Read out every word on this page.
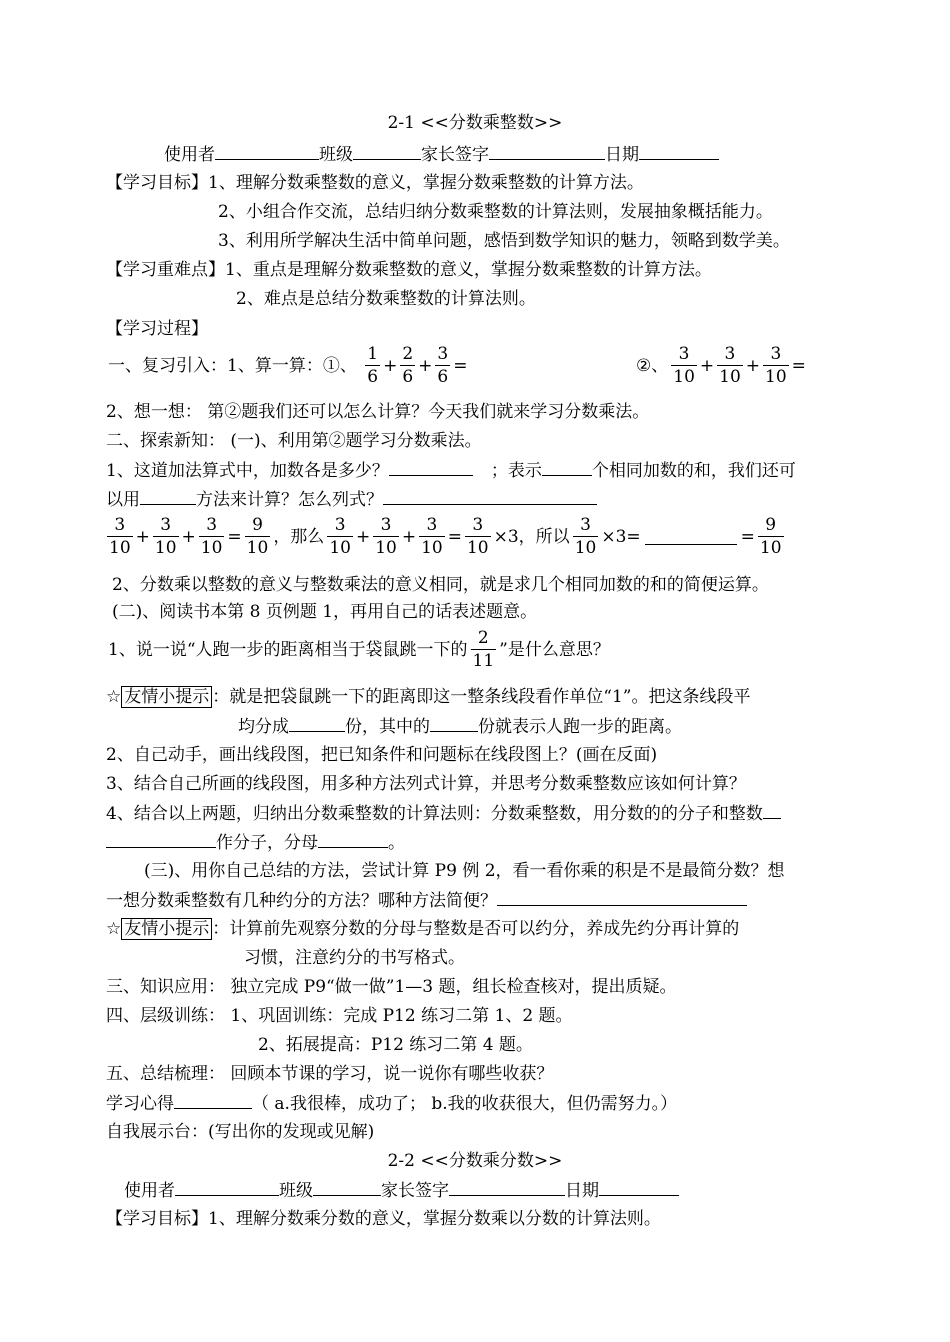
2-1 <<分数乘整数>>
使用者	班级	家长签字	日期
【学习目标】1、理解分数乘整数的意义，掌握分数乘整数的计算方法。
2、小组合作交流，总结归纳分数乘整数的计算法则，发展抽象概括能力。
3、利用所学解决生活中简单问题，感悟到数学知识的魅力，领略到数学美。
【学习重难点】1、重点是理解分数乘整数的意义，掌握分数乘整数的计算方法。
2、难点是总结分数乘整数的计算法则。
【学习过程】
一、复习引入：1、算一算：①、 $\frac{1}{6} + \frac{2}{6} + \frac{3}{6}$ =	②、 $\frac{3}{10} + \frac{3}{10} + \frac{3}{10}$ =
2、想一想： 第②题我们还可以怎么计算？今天我们就来学习分数乘法。
二、探索新知： (一)、利用第②题学习分数乘法。
1、这道加法算式中，加数各是多少？	；表示	个相同加数的和，我们还可
以用	方法来计算？怎么列式？
$\frac{3}{10} + \frac{3}{10} + \frac{3}{10} = \frac{9}{10}$ ，那么 $\frac{3}{10} + \frac{3}{10} + \frac{3}{10} = \frac{3}{10} \times 3$，所以 $\frac{3}{10} \times 3=$	= $\frac{9}{10}$
2、分数乘以整数的意义与整数乘法的意义相同，就是求几个相同加数的和的简便运算。
(二)、阅读书本第 8 页例题 1，再用自己的话表述题意。
1、说一说“人跑一步的距离相当于袋鼠跳一下的 $\frac{2}{11}$ ”是什么意思？
☆ 友情小提示 ：就是把袋鼠跳一下的距离即这一整条线段看作单位“1”。把这条线段平
均分成	份，其中的	份就表示人跑一步的距离。
2、自己动手，画出线段图，把已知条件和问题标在线段图上？(画在反面)
3、结合自己所画的线段图，用多种方法列式计算，并思考分数乘整数应该如何计算？
4、结合以上两题，归纳出分数乘整数的计算法则：分数乘整数，用分数的的分子和整数
作分子，分母	。
(三)、用你自己总结的方法，尝试计算 P9 例 2，看一看你乘的积是不是最简分数？想
一想分数乘整数有几种约分的方法？哪种方法简便？
☆ 友情小提示 ：计算前先观察分数的分母与整数是否可以约分，养成先约分再计算的
习惯，注意约分的书写格式。
三、知识应用： 独立完成 P9“做一做”1—3 题，组长检查核对，提出质疑。
四、层级训练： 1、巩固训练：完成 P12 练习二第 1、2 题。
2、拓展提高：P12 练习二第 4 题。
五、总结梳理： 回顾本节课的学习，说一说你有哪些收获？
学习心得	（ a.我很棒，成功了； b.我的收获很大，但仍需努力。）
自我展示台：(写出你的发现或见解)
2-2 <<分数乘分数>>
使用者	班级	家长签字	日期
【学习目标】1、理解分数乘分数的意义，掌握分数乘以分数的计算法则。
